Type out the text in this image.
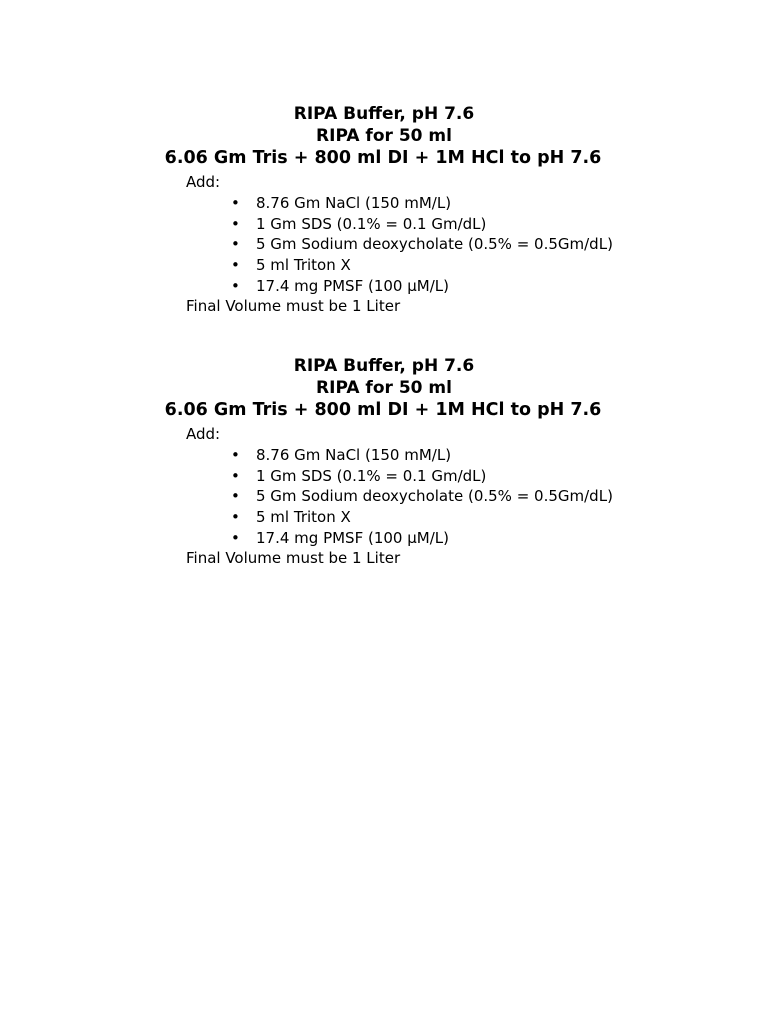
RIPA Buffer, pH 7.6
RIPA for 50 ml
6.06 Gm Tris + 800 ml DI + 1M HCl to pH 7.6
Add:
• 8.76 Gm NaCl (150 mM/L)
• 1 Gm SDS (0.1% = 0.1 Gm/dL)
• 5 Gm Sodium deoxycholate (0.5% = 0.5Gm/dL)
• 5 ml Triton X
• 17.4 mg PMSF (100 µM/L)
Final Volume must be 1 Liter
RIPA Buffer, pH 7.6
RIPA for 50 ml
6.06 Gm Tris + 800 ml DI + 1M HCl to pH 7.6
Add:
• 8.76 Gm NaCl (150 mM/L)
• 1 Gm SDS (0.1% = 0.1 Gm/dL)
• 5 Gm Sodium deoxycholate (0.5% = 0.5Gm/dL)
• 5 ml Triton X
• 17.4 mg PMSF (100 µM/L)
Final Volume must be 1 Liter
